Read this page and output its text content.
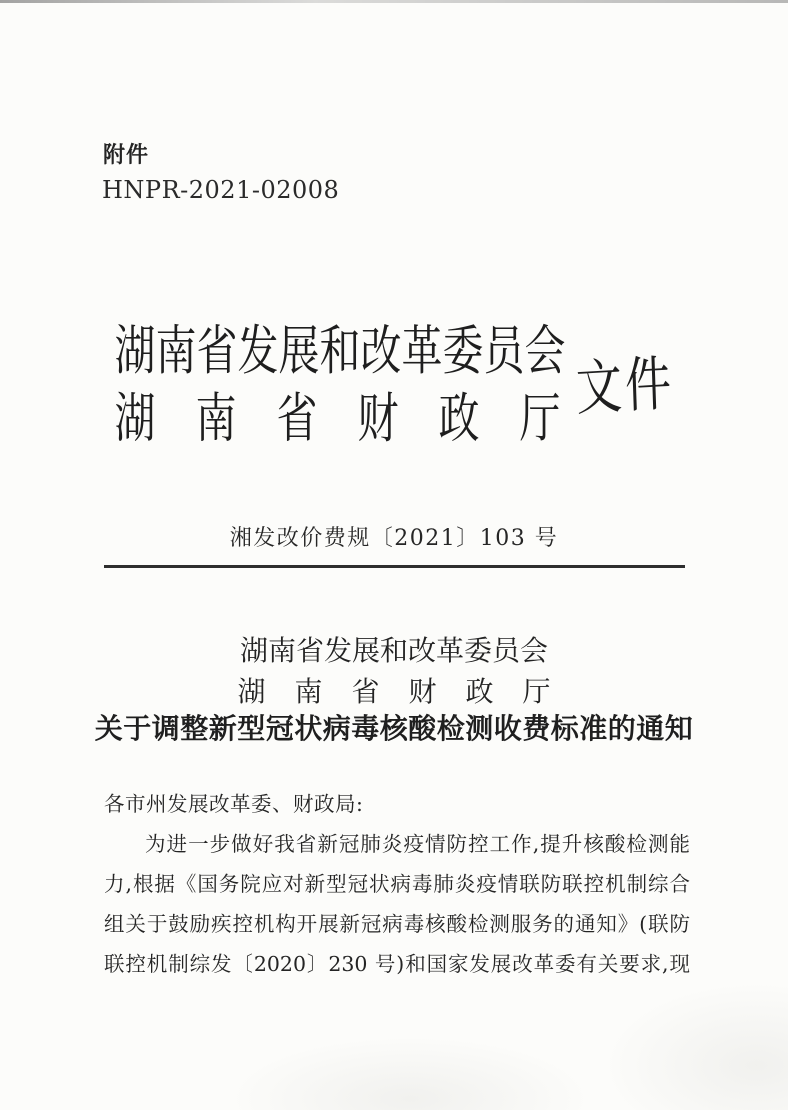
附件
HNPR-2021-02008
湖南省发展和改革委员会
湖南省财政厅
文件
湘发改价费规〔2021〕103 号
湖南省发展和改革委员会
湖南省财政厅
关于调整新型冠状病毒核酸检测收费标准的通知
各市州发展改革委、财政局:
为进一步做好我省新冠肺炎疫情防控工作,提升核酸检测能
力,根据《国务院应对新型冠状病毒肺炎疫情联防联控机制综合
组关于鼓励疾控机构开展新冠病毒核酸检测服务的通知》(联防
联控机制综发〔2020〕230 号)和国家发展改革委有关要求,现
